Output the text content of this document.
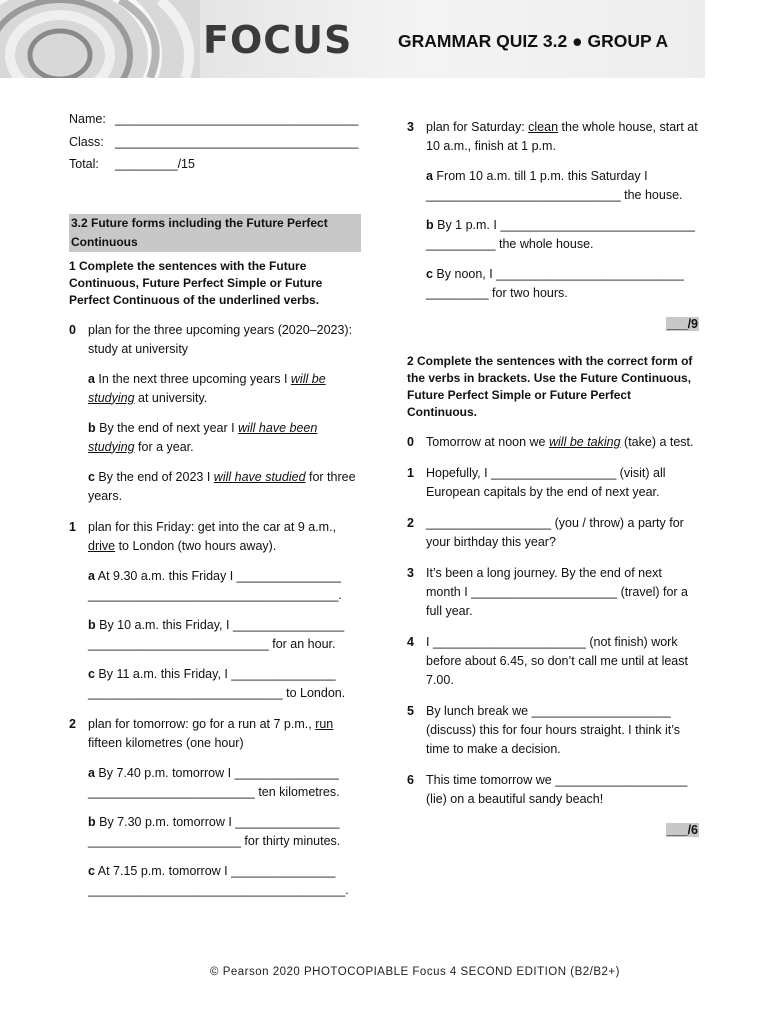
FOCUS	GRAMMAR QUIZ 3.2 ● GROUP A
Name: ___________________________________
Class: ___________________________________
Total: _________/15
3.2 Future forms including the Future Perfect Continuous
1 Complete the sentences with the Future Continuous, Future Perfect Simple or Future Perfect Continuous of the underlined verbs.
0 plan for the three upcoming years (2020–2023): study at university
a In the next three upcoming years I will be studying at university.
b By the end of next year I will have been studying for a year.
c By the end of 2023 I will have studied for three years.
1 plan for this Friday: get into the car at 9 a.m., drive to London (two hours away).
a At 9.30 a.m. this Friday I _______________ ____________________________________.
b By 10 a.m. this Friday, I ________________ __________________________ for an hour.
c By 11 a.m. this Friday, I _______________ ____________________________ to London.
2 plan for tomorrow: go for a run at 7 p.m., run fifteen kilometres (one hour)
a By 7.40 p.m. tomorrow I _______________ ________________________ ten kilometres.
b By 7.30 p.m. tomorrow I _______________ ______________________ for thirty minutes.
c At 7.15 p.m. tomorrow I _______________ _____________________________________.
3 plan for Saturday: clean the whole house, start at 10 a.m., finish at 1 p.m.
a From 10 a.m. till 1 p.m. this Saturday I ____________________________ the house.
b By 1 p.m. I ____________________________ __________ the whole house.
c By noon, I ___________________________ _________ for two hours.
___/9
2 Complete the sentences with the correct form of the verbs in brackets. Use the Future Continuous, Future Perfect Simple or Future Perfect Continuous.
0 Tomorrow at noon we will be taking (take) a test.
1 Hopefully, I __________________ (visit) all European capitals by the end of next year.
2 __________________ (you / throw) a party for your birthday this year?
3 It’s been a long journey. By the end of next month I _____________________ (travel) for a full year.
4 I ______________________ (not finish) work before about 6.45, so don’t call me until at least 7.00.
5 By lunch break we ____________________ (discuss) this for four hours straight. I think it’s time to make a decision.
6 This time tomorrow we ___________________ (lie) on a beautiful sandy beach!
___/6
© Pearson 2020 PHOTOCOPIABLE Focus 4 SECOND EDITION (B2/B2+)
